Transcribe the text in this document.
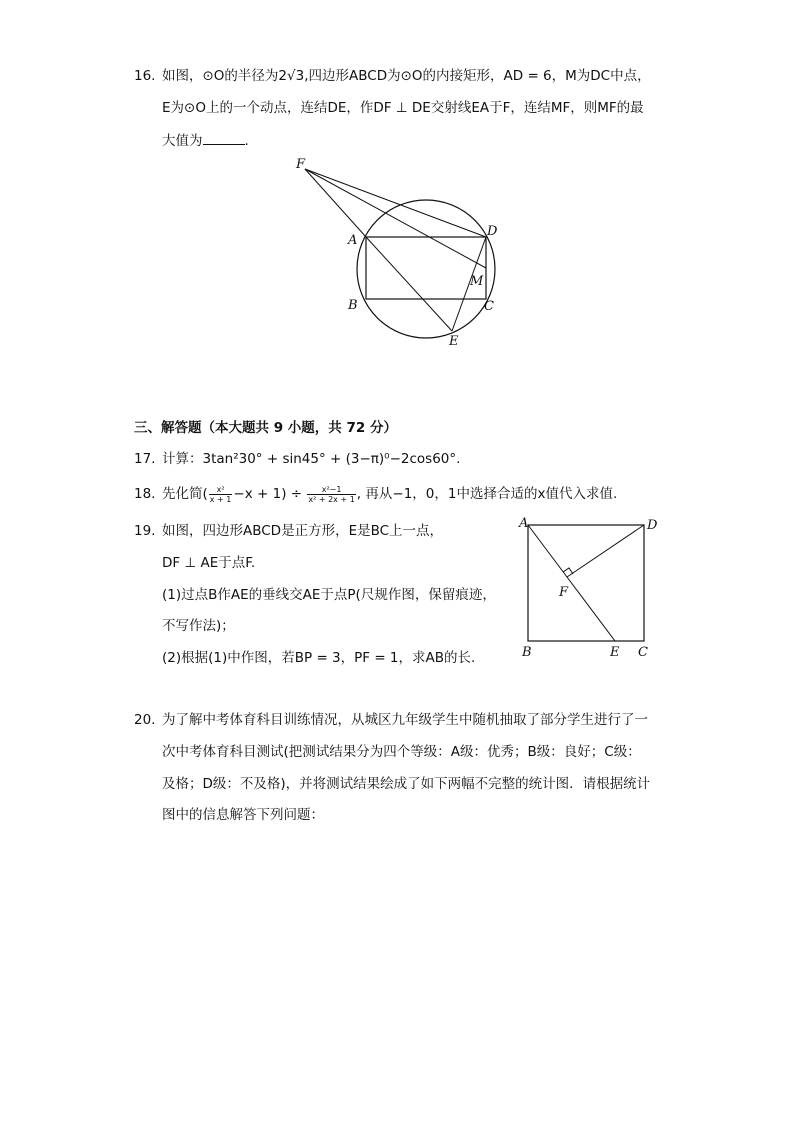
16. 如图，⊙O的半径为2√3,四边形ABCD为⊙O的内接矩形，AD = 6，M为DC中点，
E为⊙O上的一个动点，连结DE，作DF ⊥ DE交射线EA于F，连结MF，则MF的最
大值为	.
F
A
D
B	C
M
E
三、解答题（本大题共 9 小题，共 72 分）
17. 计算：3tan²30° + sin45° + (3−π)⁰−2cos60°.
18. 先化简( $\frac{\text{x²}}{x + 1} -x + 1) \div \frac{\text{x²−1}}{\text{x² + 2x + 1}}$ , 再从−1，0，1中选择合适的x值代入求值.
19. 如图，四边形ABCD是正方形，E是BC上一点，
DF ⊥ AE于点F.
(1)过点B作AE的垂线交AE于点P(尺规作图，保留痕迹，
不写作法)；
(2)根据(1)中作图，若BP = 3，PF = 1，求AB的长.
A	D
F
B	E C
20. 为了解中考体育科目训练情况，从城区九年级学生中随机抽取了部分学生进行了一
次中考体育科目测试(把测试结果分为四个等级：A级：优秀；B级：良好；C级：
及格；D级：不及格)，并将测试结果绘成了如下两幅不完整的统计图．请根据统计
图中的信息解答下列问题：
